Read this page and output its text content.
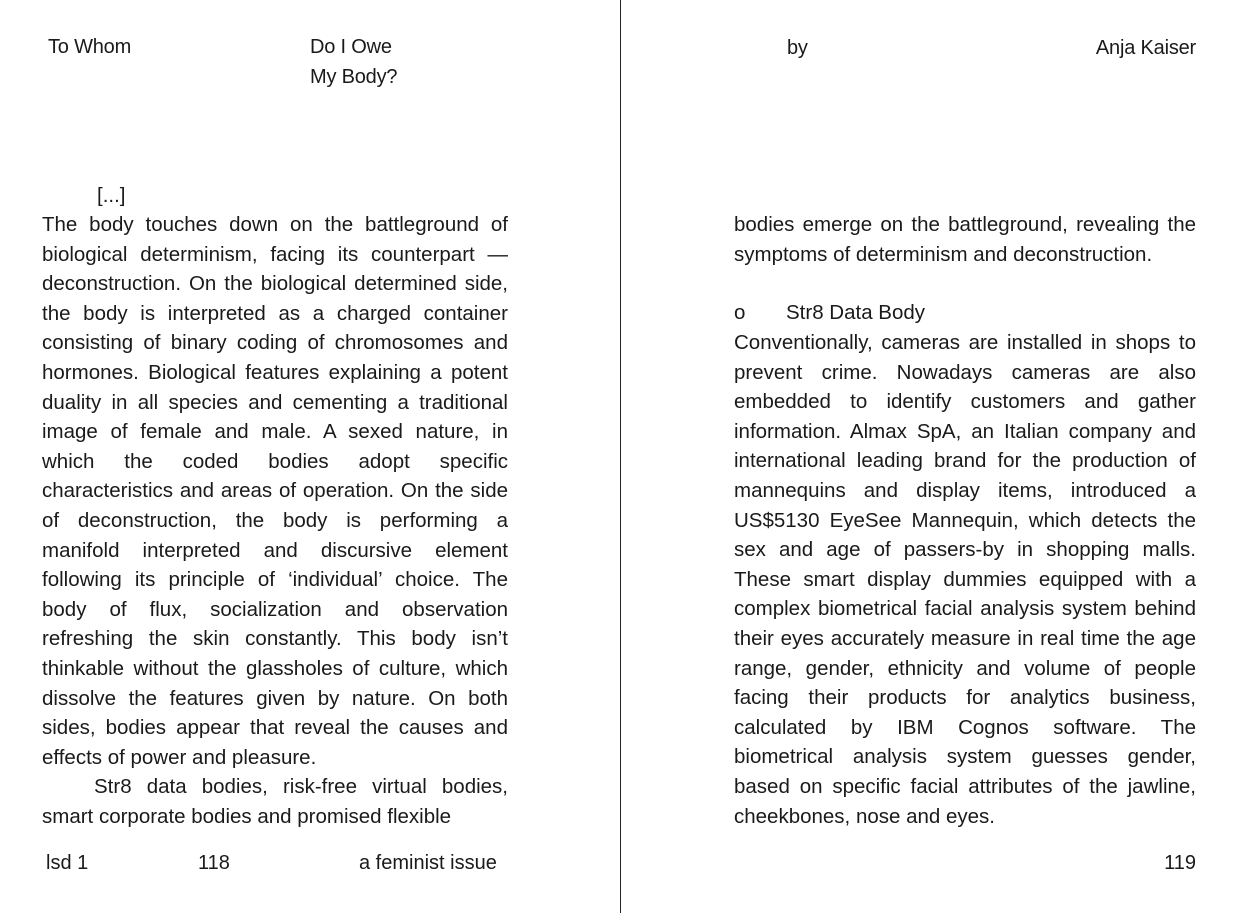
To Whom	Do I Owe
My Body?
[...]

The body touches down on the battleground of biological determinism, facing its counterpart — deconstruction. On the biological determined side, the body is interpreted as a charged container consisting of binary coding of chromosomes and hormones. Biological features explaining a potent duality in all species and cementing a traditional image of female and male. A sexed nature, in which the coded bodies adopt specific characteristics and areas of operation. On the side of deconstruction, the body is performing a manifold interpreted and discursive element following its principle of ‘individual’ choice. The body of flux, socialization and observation refreshing the skin constantly. This body isn’t thinkable without the glassholes of culture, which dissolve the features given by nature. On both sides, bodies appear that reveal the causes and effects of power and pleasure.

Str8 data bodies, risk-free virtual bodies, smart corporate bodies and promised flexible

lsd 1	118	a feminist issue
by	Anja Kaiser

bodies emerge on the battleground, revealing the symptoms of determinism and deconstruction.

o Str8 Data Body

Conventionally, cameras are installed in shops to prevent crime. Nowadays cameras are also embedded to identify customers and gather information. Almax SpA, an Italian company and international leading brand for the production of mannequins and display items, introduced a US$5130 EyeSee Mannequin, which detects the sex and age of passers-by in shopping malls. These smart display dummies equipped with a complex biometrical facial analysis system behind their eyes accurately measure in real time the age range, gender, ethnicity and volume of people facing their products for analytics business, calculated by IBM Cognos software. The biometrical analysis system guesses gender, based on specific facial attributes of the jawline, cheekbones, nose and eyes.

119
